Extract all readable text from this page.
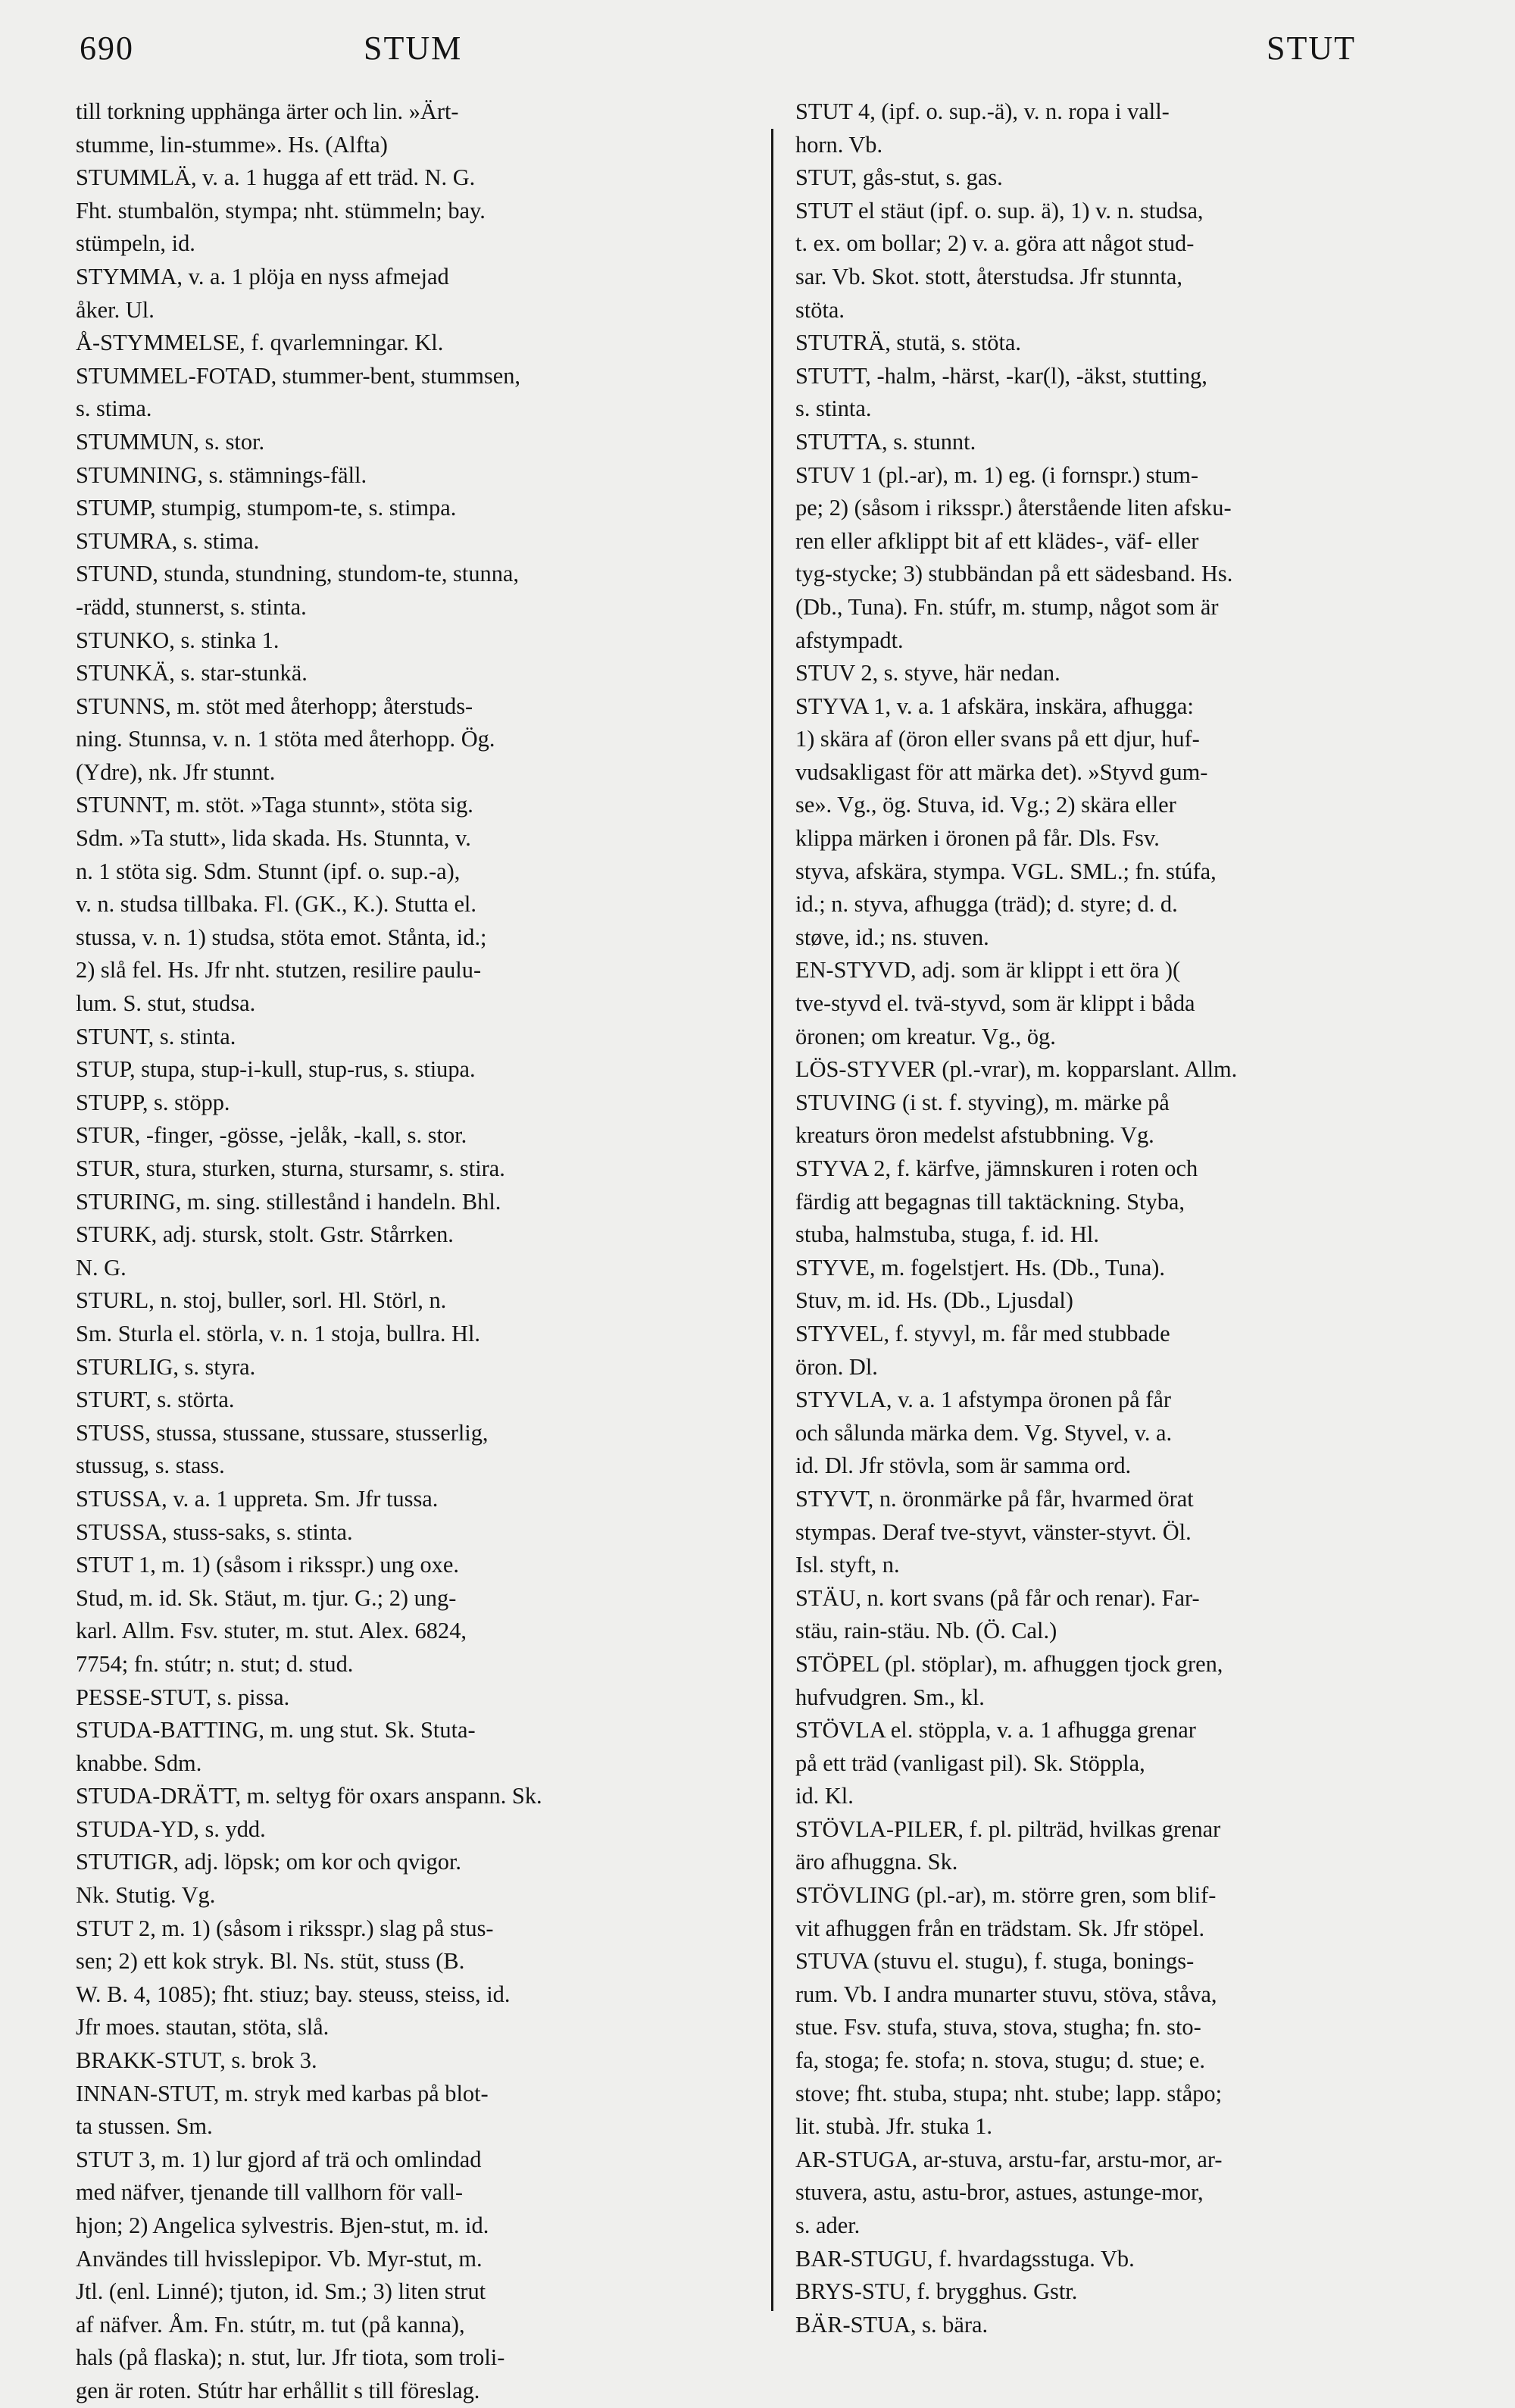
690	STUM	STUT
till torkning upphänga ärter och lin. »Ärt-
stumme, lin-stumme». Hs. (Alfta)
STUMMLÄ, v. a. 1 hugga af ett träd. N. G.
Fht. stumbalön, stympa; nht. stümmeln; bay.
stümpeln, id.
STYMMA, v. a. 1 plöja en nyss afmejad
åker. Ul.
Å-STYMMELSE, f. qvarlemningar. Kl.
STUMMEL-FOTAD, stummer-bent, stummsen,
s. stima.
STUMMUN, s. stor.
STUMNING, s. stämnings-fäll.
STUMP, stumpig, stumpom-te, s. stimpa.
STUMRA, s. stima.
STUND, stunda, stundning, stundom-te, stunna,
-rädd, stunnerst, s. stinta.
STUNKO, s. stinka 1.
STUNKÄ, s. star-stunkä.
STUNNS, m. stöt med återhopp; återstuds-
ning. Stunnsa, v. n. 1 stöta med återhopp. Ög.
(Ydre), nk. Jfr stunnt.
STUNNT, m. stöt. »Taga stunnt», stöta sig.
Sdm. »Ta stutt», lida skada. Hs. Stunnta, v.
n. 1 stöta sig. Sdm. Stunnt (ipf. o. sup.-a),
v. n. studsa tillbaka. Fl. (GK., K.). Stutta el.
stussa, v. n. 1) studsa, stöta emot. Stånta, id.;
2) slå fel. Hs. Jfr nht. stutzen, resilire paulu-
lum. S. stut, studsa.
STUNT, s. stinta.
STUP, stupa, stup-i-kull, stup-rus, s. stiupa.
STUPP, s. stöpp.
STUR, -finger, -gösse, -jelåk, -kall, s. stor.
STUR, stura, sturken, sturna, stursamr, s. stira.
STURING, m. sing. stillestånd i handeln. Bhl.
STURK, adj. stursk, stolt. Gstr. Stårrken.
N. G.
STURL, n. stoj, buller, sorl. Hl. Störl, n.
Sm. Sturla el. störla, v. n. 1 stoja, bullra. Hl.
STURLIG, s. styra.
STURT, s. störta.
STUSS, stussa, stussane, stussare, stusserlig,
stussug, s. stass.
STUSSA, v. a. 1 uppreta. Sm. Jfr tussa.
STUSSA, stuss-saks, s. stinta.
STUT 1, m. 1) (såsom i riksspr.) ung oxe.
Stud, m. id. Sk. Stäut, m. tjur. G.; 2) ung-
karl. Allm. Fsv. stuter, m. stut. Alex. 6824,
7754; fn. stútr; n. stut; d. stud.
PESSE-STUT, s. pissa.
STUDA-BATTING, m. ung stut. Sk. Stuta-
knabbe. Sdm.
STUDA-DRÄTT, m. seltyg för oxars anspann. Sk.
STUDA-YD, s. ydd.
STUTIGR, adj. löpsk; om kor och qvigor.
Nk. Stutig. Vg.
STUT 2, m. 1) (såsom i riksspr.) slag på stus-
sen; 2) ett kok stryk. Bl. Ns. stüt, stuss (B.
W. B. 4, 1085); fht. stiuz; bay. steuss, steiss, id.
Jfr moes. stautan, stöta, slå.
BRAKK-STUT, s. brok 3.
INNAN-STUT, m. stryk med karbas på blot-
ta stussen. Sm.
STUT 3, m. 1) lur gjord af trä och omlindad
med näfver, tjenande till vallhorn för vall-
hjon; 2) Angelica sylvestris. Bjen-stut, m. id.
Användes till hvisslepipor. Vb. Myr-stut, m.
Jtl. (enl. Linné); tjuton, id. Sm.; 3) liten strut
af näfver. Åm. Fn. stútr, m. tut (på kanna),
hals (på flaska); n. stut, lur. Jfr tiota, som troli-
gen är roten. Stútr har erhållit s till föreslag.
STUT 4, (ipf. o. sup.-ä), v. n. ropa i vall-
horn. Vb.
STUT, gås-stut, s. gas.
STUT el stäut (ipf. o. sup. ä), 1) v. n. studsa,
t. ex. om bollar; 2) v. a. göra att något stud-
sar. Vb. Skot. stott, återstudsa. Jfr stunnta,
stöta.
STUTRÄ, stutä, s. stöta.
STUTT, -halm, -härst, -kar(l), -äkst, stutting,
s. stinta.
STUTTA, s. stunnt.
STUV 1 (pl.-ar), m. 1) eg. (i fornspr.) stum-
pe; 2) (såsom i riksspr.) återstående liten afsku-
ren eller afklippt bit af ett klädes-, väf- eller
tyg-stycke; 3) stubbändan på ett sädesband. Hs.
(Db., Tuna). Fn. stúfr, m. stump, något som är
afstympadt.
STUV 2, s. styve, här nedan.
STYVA 1, v. a. 1 afskära, inskära, afhugga:
1) skära af (öron eller svans på ett djur, huf-
vudsakligast för att märka det). »Styvd gum-
se». Vg., ög. Stuva, id. Vg.; 2) skära eller
klippa märken i öronen på får. Dls. Fsv.
styva, afskära, stympa. VGL. SML.; fn. stúfa,
id.; n. styva, afhugga (träd); d. styre; d. d.
støve, id.; ns. stuven.
EN-STYVD, adj. som är klippt i ett öra )(
tve-styvd el. tvä-styvd, som är klippt i båda
öronen; om kreatur. Vg., ög.
LÖS-STYVER (pl.-vrar), m. kopparslant. Allm.
STUVING (i st. f. styving), m. märke på
kreaturs öron medelst afstubbning. Vg.
STYVA 2, f. kärfve, jämnskuren i roten och
färdig att begagnas till taktäckning. Styba,
stuba, halmstuba, stuga, f. id. Hl.
STYVE, m. fogelstjert. Hs. (Db., Tuna).
Stuv, m. id. Hs. (Db., Ljusdal)
STYVEL, f. styvyl, m. får med stubbade
öron. Dl.
STYVLA, v. a. 1 afstympa öronen på får
och sålunda märka dem. Vg. Styvel, v. a.
id. Dl. Jfr stövla, som är samma ord.
STYVT, n. öronmärke på får, hvarmed örat
stympas. Deraf tve-styvt, vänster-styvt. Öl.
Isl. styft, n.
STÄU, n. kort svans (på får och renar). Far-
stäu, rain-stäu. Nb. (Ö. Cal.)
STÖPEL (pl. stöplar), m. afhuggen tjock gren,
hufvudgren. Sm., kl.
STÖVLA el. stöppla, v. a. 1 afhugga grenar
på ett träd (vanligast pil). Sk. Stöppla,
id. Kl.
STÖVLA-PILER, f. pl. pilträd, hvilkas grenar
äro afhuggna. Sk.
STÖVLING (pl.-ar), m. större gren, som blif-
vit afhuggen från en trädstam. Sk. Jfr stöpel.
STUVA (stuvu el. stugu), f. stuga, bonings-
rum. Vb. I andra munarter stuvu, stöva, ståva,
stue. Fsv. stufa, stuva, stova, stugha; fn. sto-
fa, stoga; fe. stofa; n. stova, stugu; d. stue; e.
stove; fht. stuba, stupa; nht. stube; lapp. ståpo;
lit. stubà. Jfr. stuka 1.
AR-STUGA, ar-stuva, arstu-far, arstu-mor, ar-
stuvera, astu, astu-bror, astues, astunge-mor,
s. ader.
BAR-STUGU, f. hvardagsstuga. Vb.
BRYS-STU, f. brygghus. Gstr.
BÄR-STUA, s. bära.
